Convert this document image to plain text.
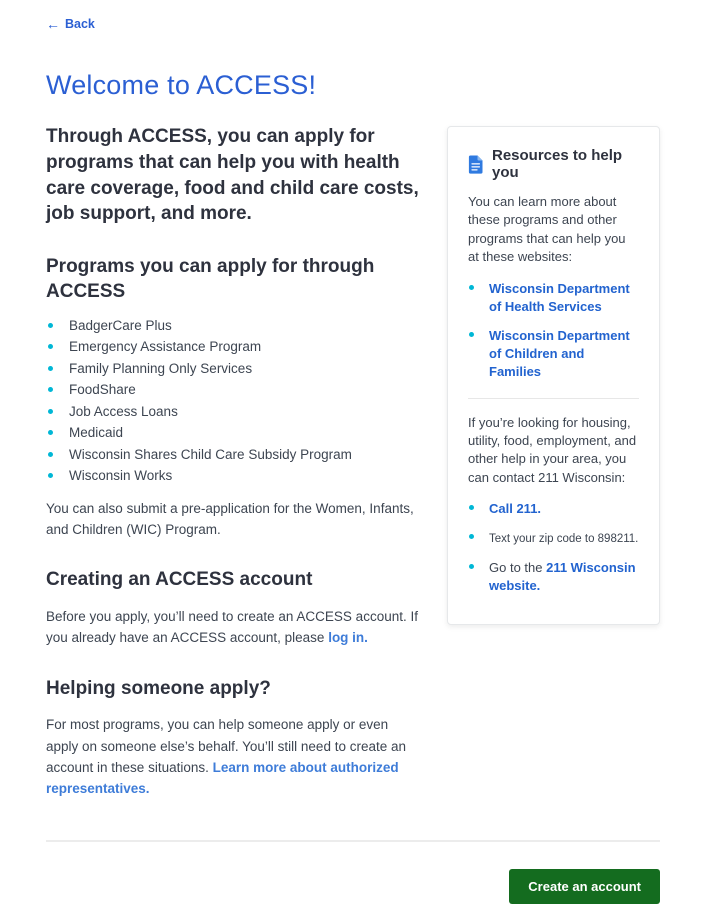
← Back
Welcome to ACCESS!

Through ACCESS, you can apply for programs that can help you with health care coverage, food and child care costs, job support, and more.

Programs you can apply for through ACCESS
BadgerCare Plus
Emergency Assistance Program
Family Planning Only Services
FoodShare
Job Access Loans
Medicaid
Wisconsin Shares Child Care Subsidy Program
Wisconsin Works

You can also submit a pre-application for the Women, Infants, and Children (WIC) Program.

Creating an ACCESS account

Before you apply, you’ll need to create an ACCESS account. If you already have an ACCESS account, please log in.

Helping someone apply?

For most programs, you can help someone apply or even apply on someone else’s behalf. You’ll still need to create an account in these situations. Learn more about authorized representatives.

Resources to help you

You can learn more about these programs and other programs that can help you at these websites:

Wisconsin Department of Health Services
Wisconsin Department of Children and Families

If you’re looking for housing, utility, food, employment, and other help in your area, you can contact 211 Wisconsin:

Call 211.
Text your zip code to 898211.
Go to the 211 Wisconsin website.
Create an account
